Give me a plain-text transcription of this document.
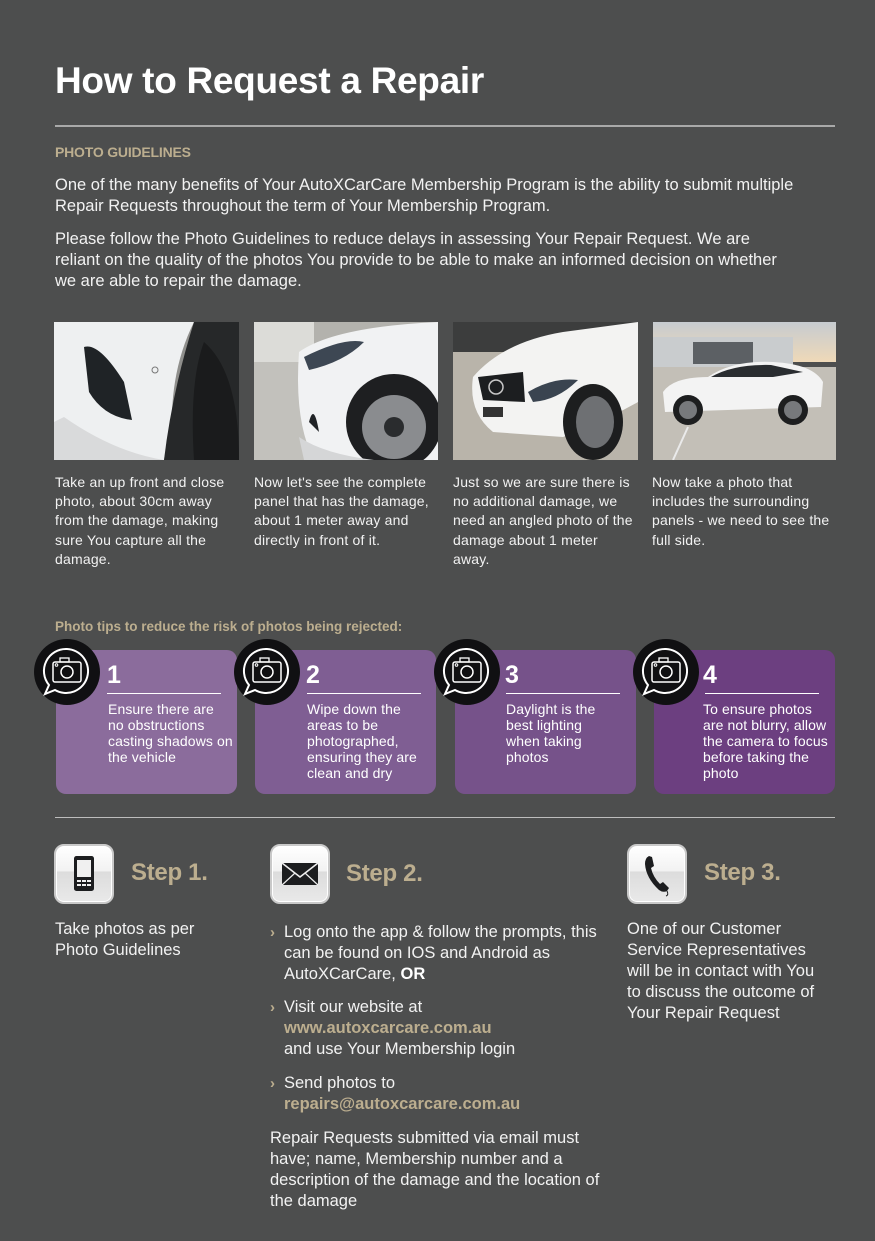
How to Request a Repair
PHOTO GUIDELINES

One of the many benefits of Your AutoXCarCare Membership Program is the ability to submit multiple Repair Requests throughout the term of Your Membership Program.

Please follow the Photo Guidelines to reduce delays in assessing Your Repair Request. We are reliant on the quality of the photos You provide to be able to make an informed decision on whether we are able to repair the damage.

Take an up front and close photo, about 30cm away from the damage, making sure You capture all the damage.

Now let's see the complete panel that has the damage, about 1 meter away and directly in front of it.

Just so we are sure there is no additional damage, we need an angled photo of the damage about 1 meter away.

Now take a photo that includes the surrounding panels - we need to see the full side.

Photo tips to reduce the risk of photos being rejected:
1	2	3	4

Ensure there are no obstructions casting shadows on the vehicle

Wipe down the areas to be photographed, ensuring they are clean and dry

Daylight is the best lighting when taking photos

To ensure photos are not blurry, allow the camera to focus before taking the photo

Step 1.

Take photos as per Photo Guidelines

Step 2.
› Log onto the app & follow the prompts, this can be found on IOS and Android as AutoXCarCare, OR
› Visit our website at
www.autoxcarcare.com.au
and use Your Membership login
› Send photos to
repairs@autoxcarcare.com.au

Repair Requests submitted via email must have; name, Membership number and a description of the damage and the location of the damage

Step 3.

One of our Customer Service Representatives will be in contact with You to discuss the outcome of Your Repair Request
